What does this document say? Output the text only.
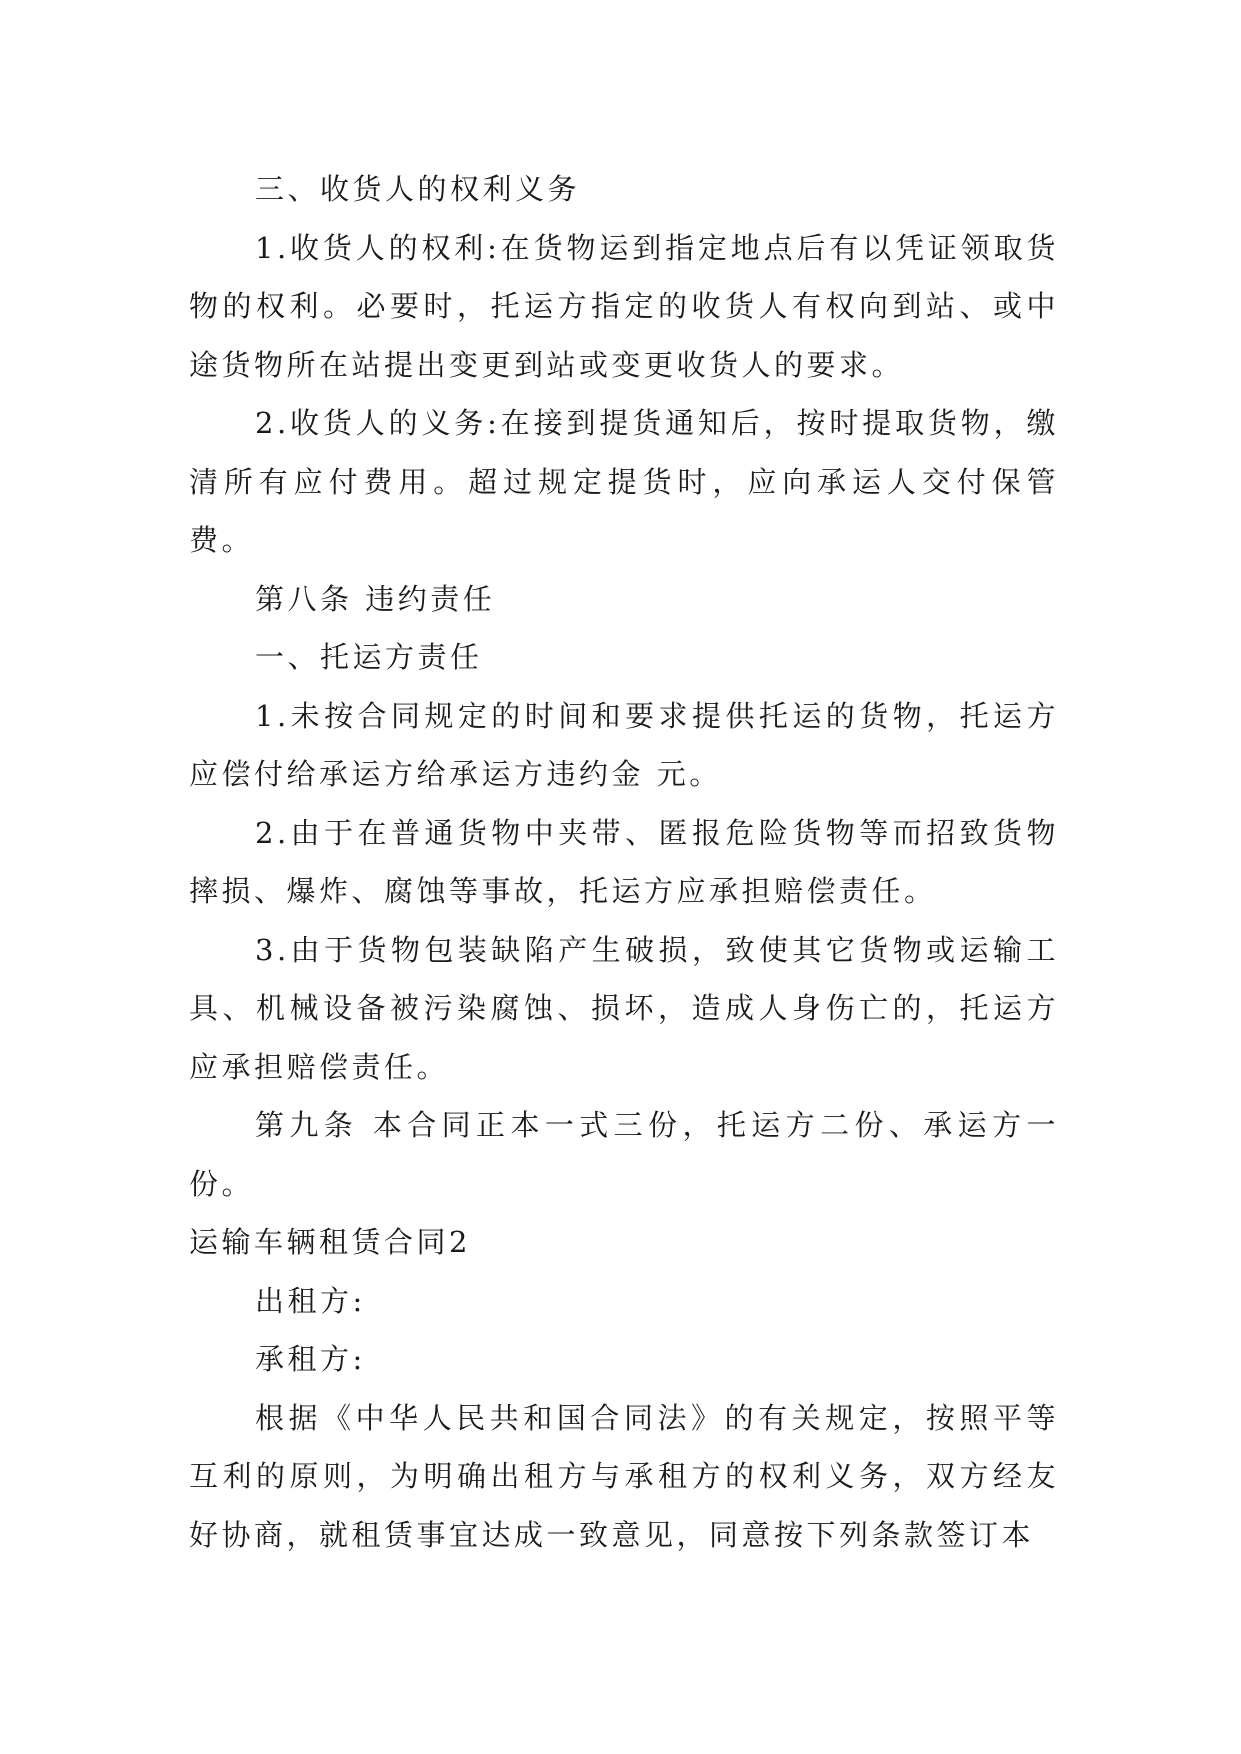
三、收货人的权利义务

1.收货人的权利:在货物运到指定地点后有以凭证领取货物的权利。必要时，托运方指定的收货人有权向到站、或中途货物所在站提出变更到站或变更收货人的要求。

2.收货人的义务:在接到提货通知后，按时提取货物，缴清所有应付费用。超过规定提货时，应向承运人交付保管费。

第八条 违约责任

一、托运方责任

1.未按合同规定的时间和要求提供托运的货物，托运方应偿付给承运方给承运方违约金 元。

2.由于在普通货物中夹带、匿报危险货物等而招致货物摔损、爆炸、腐蚀等事故，托运方应承担赔偿责任。

3.由于货物包装缺陷产生破损，致使其它货物或运输工具、机械设备被污染腐蚀、损坏，造成人身伤亡的，托运方应承担赔偿责任。

第九条 本合同正本一式三份，托运方二份、承运方一份。

运输车辆租赁合同2

出租方:

承租方:

根据《中华人民共和国合同法》的有关规定，按照平等互利的原则，为明确出租方与承租方的权利义务，双方经友好协商，就租赁事宜达成一致意见，同意按下列条款签订本
